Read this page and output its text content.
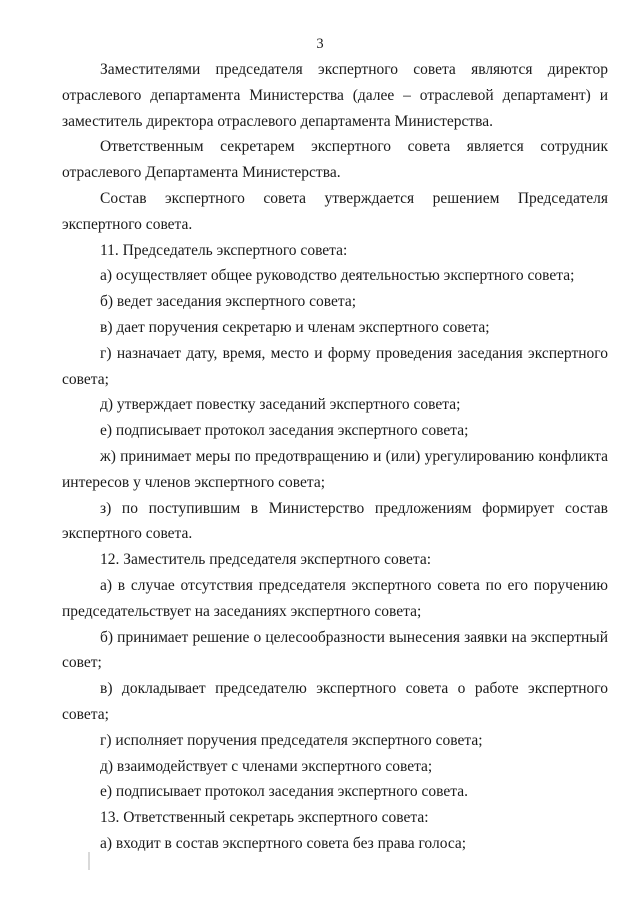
3

Заместителями председателя экспертного совета являются директор отраслевого департамента Министерства (далее – отраслевой департамент) и заместитель директора отраслевого департамента Министерства.

Ответственным секретарем экспертного совета является сотрудник отраслевого Департамента Министерства.

Состав экспертного совета утверждается решением Председателя экспертного совета.

11. Председатель экспертного совета:

а) осуществляет общее руководство деятельностью экспертного совета;

б) ведет заседания экспертного совета;

в) дает поручения секретарю и членам экспертного совета;

г) назначает дату, время, место и форму проведения заседания экспертного совета;

д) утверждает повестку заседаний экспертного совета;

е) подписывает протокол заседания экспертного совета;

ж) принимает меры по предотвращению и (или) урегулированию конфликта интересов у членов экспертного совета;

з) по поступившим в Министерство предложениям формирует состав экспертного совета.

12. Заместитель председателя экспертного совета:

а) в случае отсутствия председателя экспертного совета по его поручению председательствует на заседаниях экспертного совета;

б) принимает решение о целесообразности вынесения заявки на экспертный совет;

в) докладывает председателю экспертного совета о работе экспертного совета;

г) исполняет поручения председателя экспертного совета;

д) взаимодействует с членами экспертного совета;

е) подписывает протокол заседания экспертного совета.

13. Ответственный секретарь экспертного совета:

а) входит в состав экспертного совета без права голоса;
